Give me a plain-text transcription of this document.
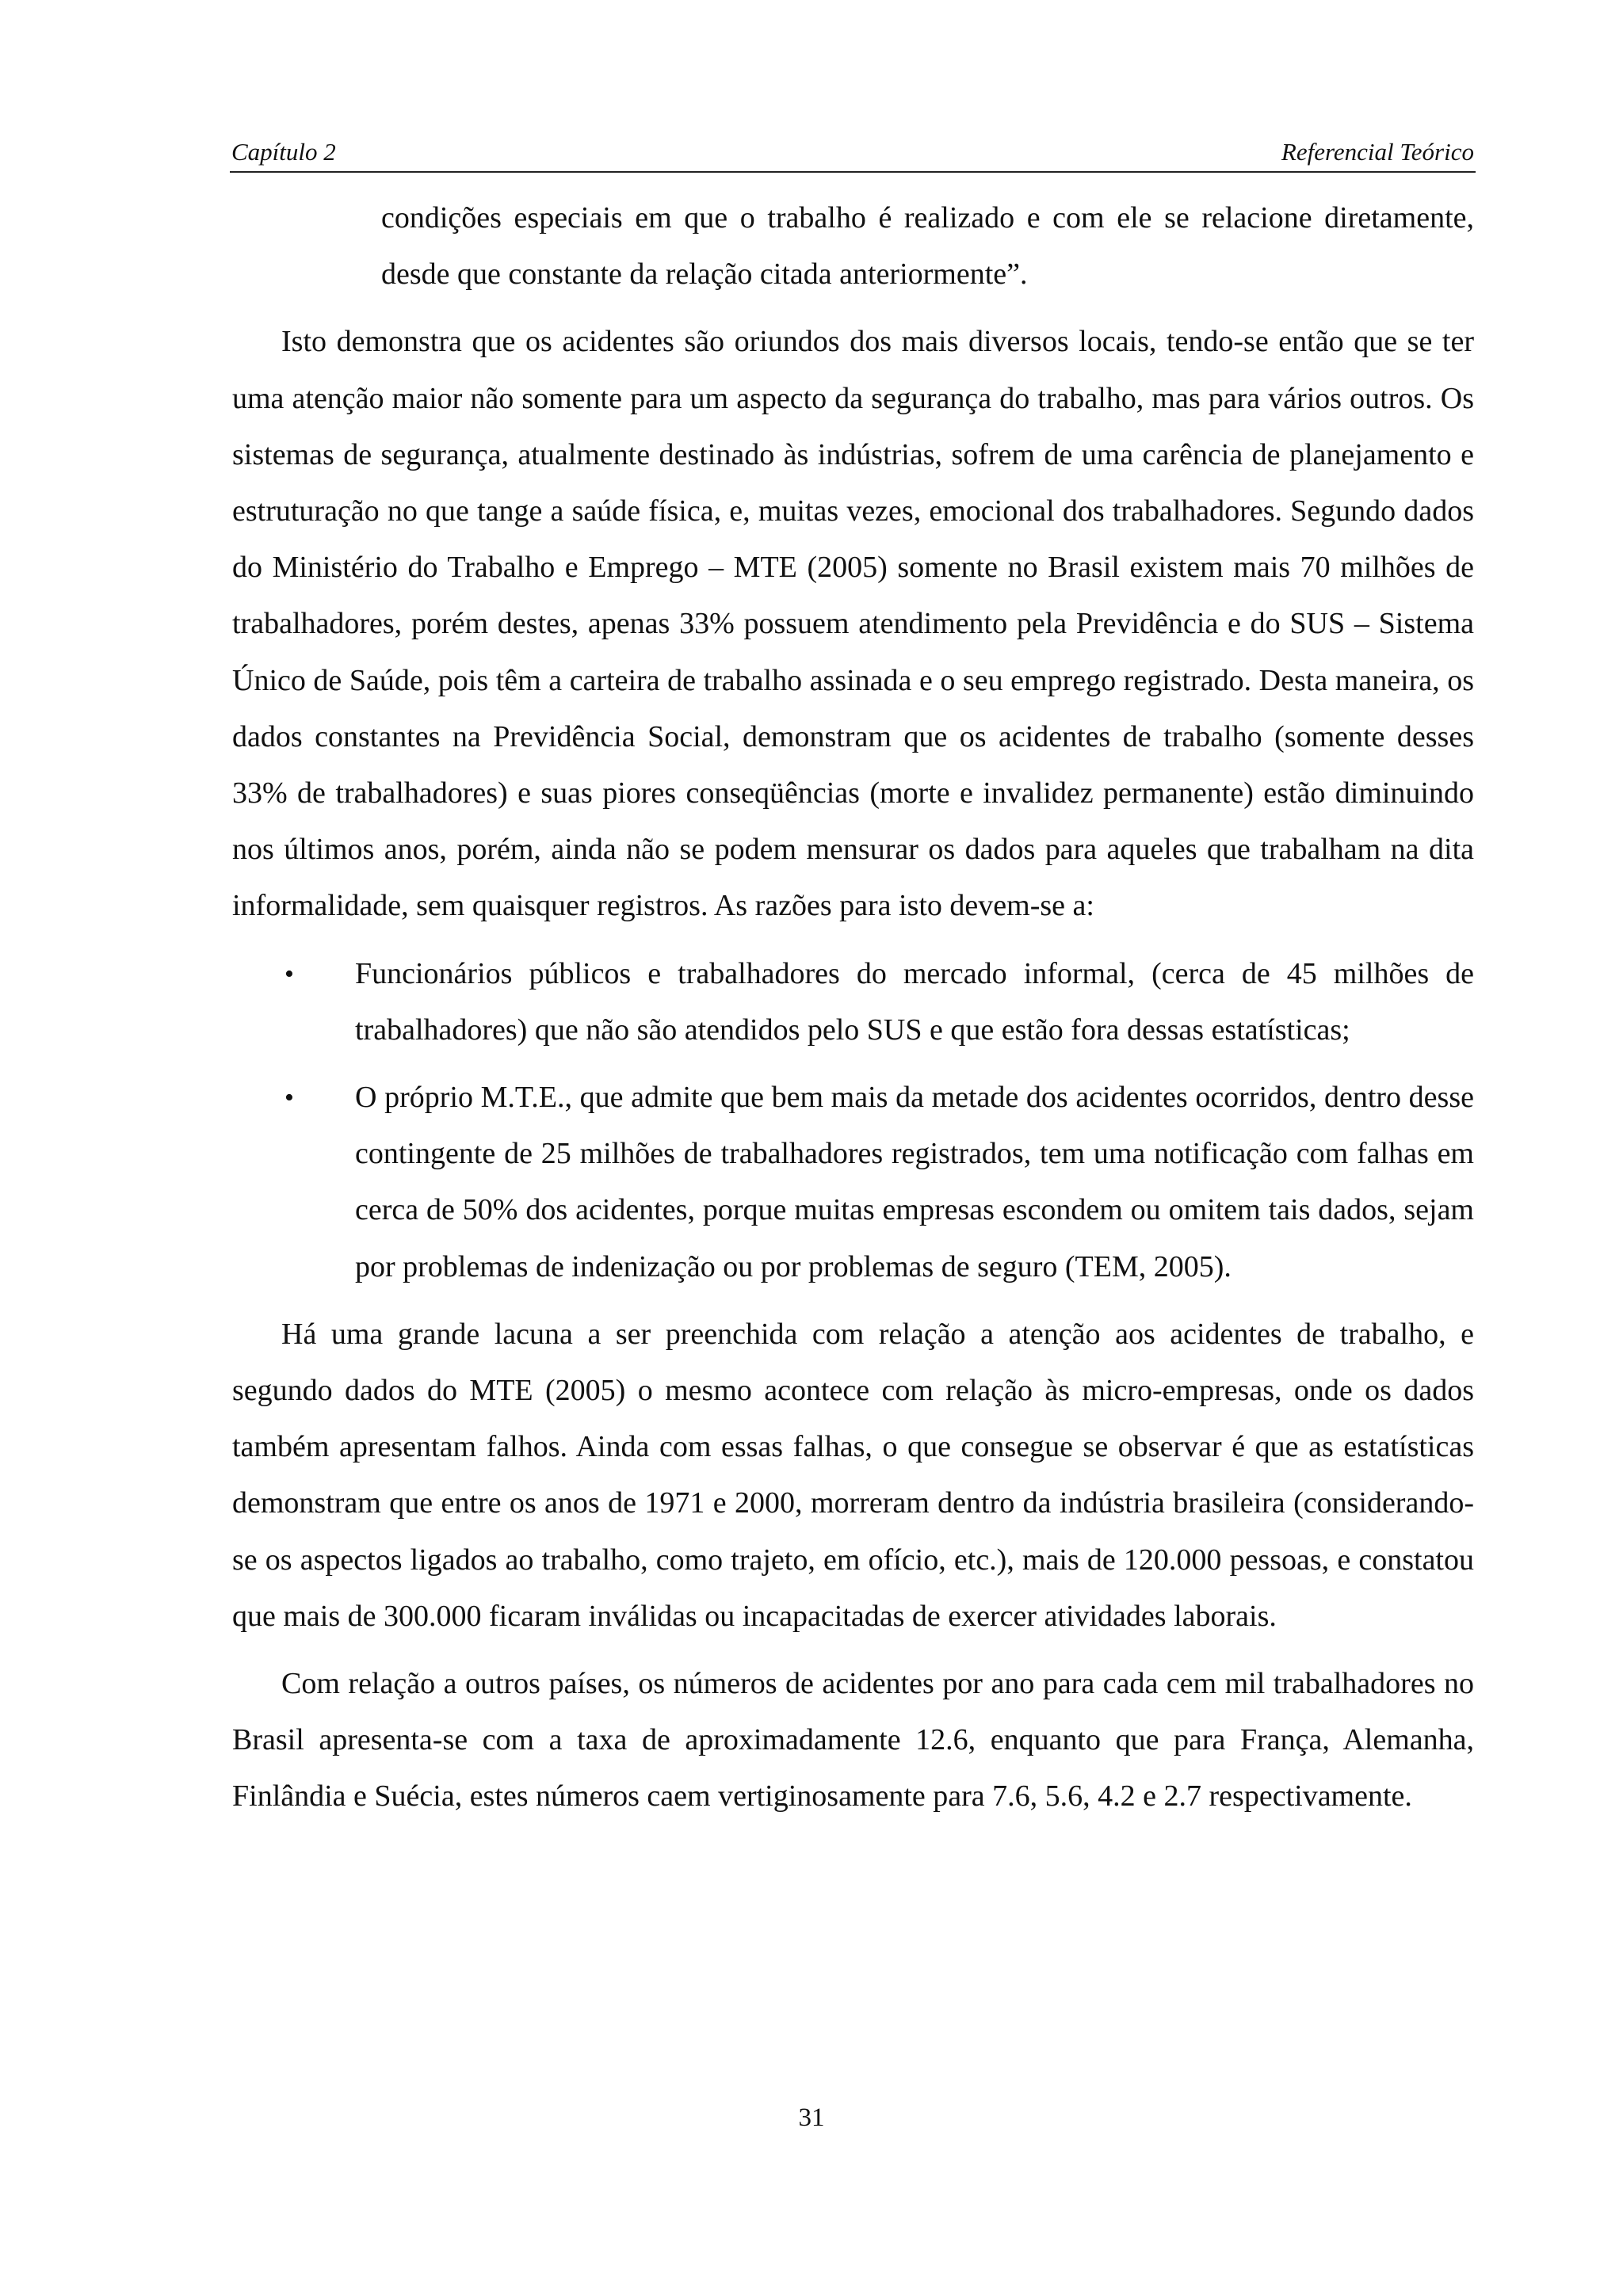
Capítulo 2	Referencial Teórico

condições especiais em que o trabalho é realizado e com ele se relacione diretamente, desde que constante da relação citada anteriormente”.

Isto demonstra que os acidentes são oriundos dos mais diversos locais, tendo-se então que se ter uma atenção maior não somente para um aspecto da segurança do trabalho, mas para vários outros. Os sistemas de segurança, atualmente destinado às indústrias, sofrem de uma carência de planejamento e estruturação no que tange a saúde física, e, muitas vezes, emocional dos trabalhadores. Segundo dados do Ministério do Trabalho e Emprego – MTE (2005) somente no Brasil existem mais 70 milhões de trabalhadores, porém destes, apenas 33% possuem atendimento pela Previdência e do SUS – Sistema Único de Saúde, pois têm a carteira de trabalho assinada e o seu emprego registrado. Desta maneira, os dados constantes na Previdência Social, demonstram que os acidentes de trabalho (somente desses 33% de trabalhadores) e suas piores conseqüências (morte e invalidez permanente) estão diminuindo nos últimos anos, porém, ainda não se podem mensurar os dados para aqueles que trabalham na dita informalidade, sem quaisquer registros. As razões para isto devem-se a:

• Funcionários públicos e trabalhadores do mercado informal, (cerca de 45 milhões de trabalhadores) que não são atendidos pelo SUS e que estão fora dessas estatísticas;
• O próprio M.T.E., que admite que bem mais da metade dos acidentes ocorridos, dentro desse contingente de 25 milhões de trabalhadores registrados, tem uma notificação com falhas em cerca de 50% dos acidentes, porque muitas empresas escondem ou omitem tais dados, sejam por problemas de indenização ou por problemas de seguro (TEM, 2005).

Há uma grande lacuna a ser preenchida com relação a atenção aos acidentes de trabalho, e segundo dados do MTE (2005) o mesmo acontece com relação às micro-empresas, onde os dados também apresentam falhos. Ainda com essas falhas, o que consegue se observar é que as estatísticas demonstram que entre os anos de 1971 e 2000, morreram dentro da indústria brasileira (considerando-se os aspectos ligados ao trabalho, como trajeto, em ofício, etc.), mais de 120.000 pessoas, e constatou que mais de 300.000 ficaram inválidas ou incapacitadas de exercer atividades laborais.

Com relação a outros países, os números de acidentes por ano para cada cem mil trabalhadores no Brasil apresenta-se com a taxa de aproximadamente 12.6, enquanto que para França, Alemanha, Finlândia e Suécia, estes números caem vertiginosamente para 7.6, 5.6, 4.2 e 2.7 respectivamente.

31
